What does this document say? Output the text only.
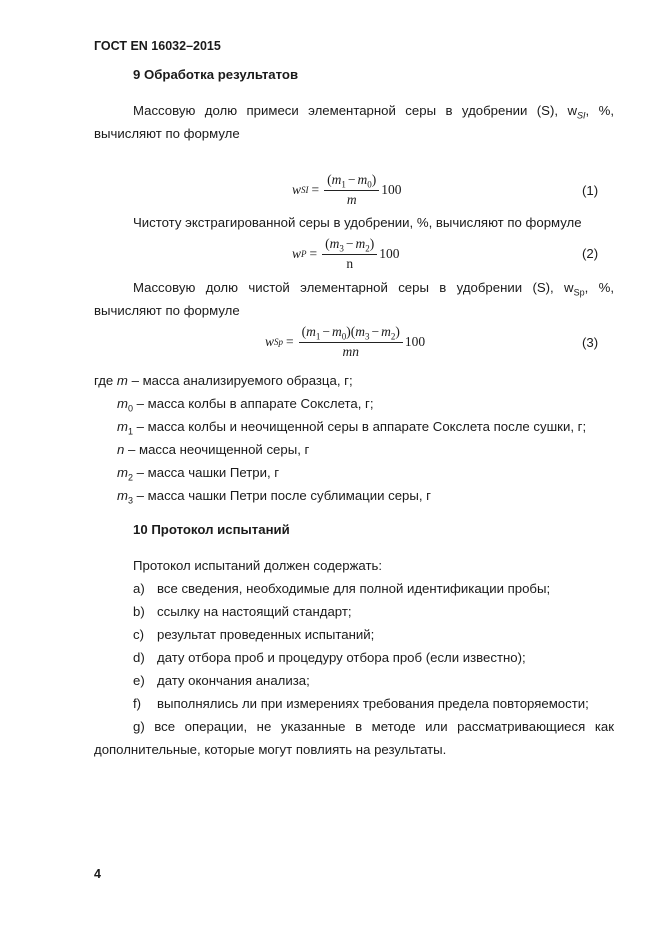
ГОСТ EN 16032–2015
9 Обработка результатов
Массовую долю примеси элементарной серы в удобрении (S), $w_{SI}$, %,
вычисляют по формуле
w SI = $\frac{(m_1 - m_0)}{m} 100$	(1)
Чистоту экстрагированной серы в удобрении, %, вычисляют по формуле
w $P = \frac{(m_3 - m_2)}{n} 100$	(2)
Массовую долю чистой элементарной серы в удобрении (S), $w_{Sp}$, %,
вычисляют по формуле
w $Sp = \frac{(m_1 - m_0)(m_3 - m_2)}{mn} 100$	(3)
где m – масса анализируемого образца, г;
$m_0$ – масса колбы в аппарате Сокслета, г;
$m_1$ – масса колбы и неочищенной серы в аппарате Сокслета после сушки, г;
n – масса неочищенной серы, г
$m_2$ – масса чашки Петри, г
$m_3$ – масса чашки Петри после сублимации серы, г
10 Протокол испытаний
Протокол испытаний должен содержать:
a) все сведения, необходимые для полной идентификации пробы;
b) ссылку на настоящий стандарт;
c) результат проведенных испытаний;
d) дату отбора проб и процедуру отбора проб (если известно);
e) дату окончания анализа;
f) выполнялись ли при измерениях требования предела повторяемости;
g) все операции, не указанные в методе или рассматривающиеся как
дополнительные, которые могут повлиять на результаты.
4
